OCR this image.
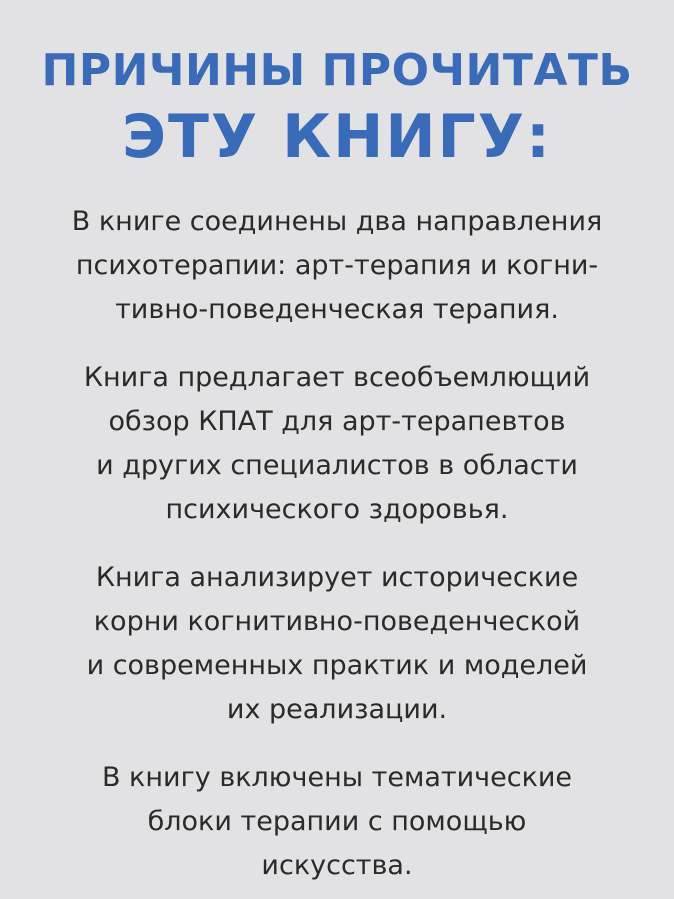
ПРИЧИНЫ ПРОЧИТАТЬ
ЭТУ КНИГУ:

В книге соединены два направления
психотерапии: арт-терапия и когни-
тивно-поведенческая терапия.

Книга предлагает всеобъемлющий
обзор КПАТ для арт-терапевтов
и других специалистов в области
психического здоровья.

Книга анализирует исторические
корни когнитивно-поведенческой
и современных практик и моделей
их реализации.

В книгу включены тематические
блоки терапии с помощью
искусства.
